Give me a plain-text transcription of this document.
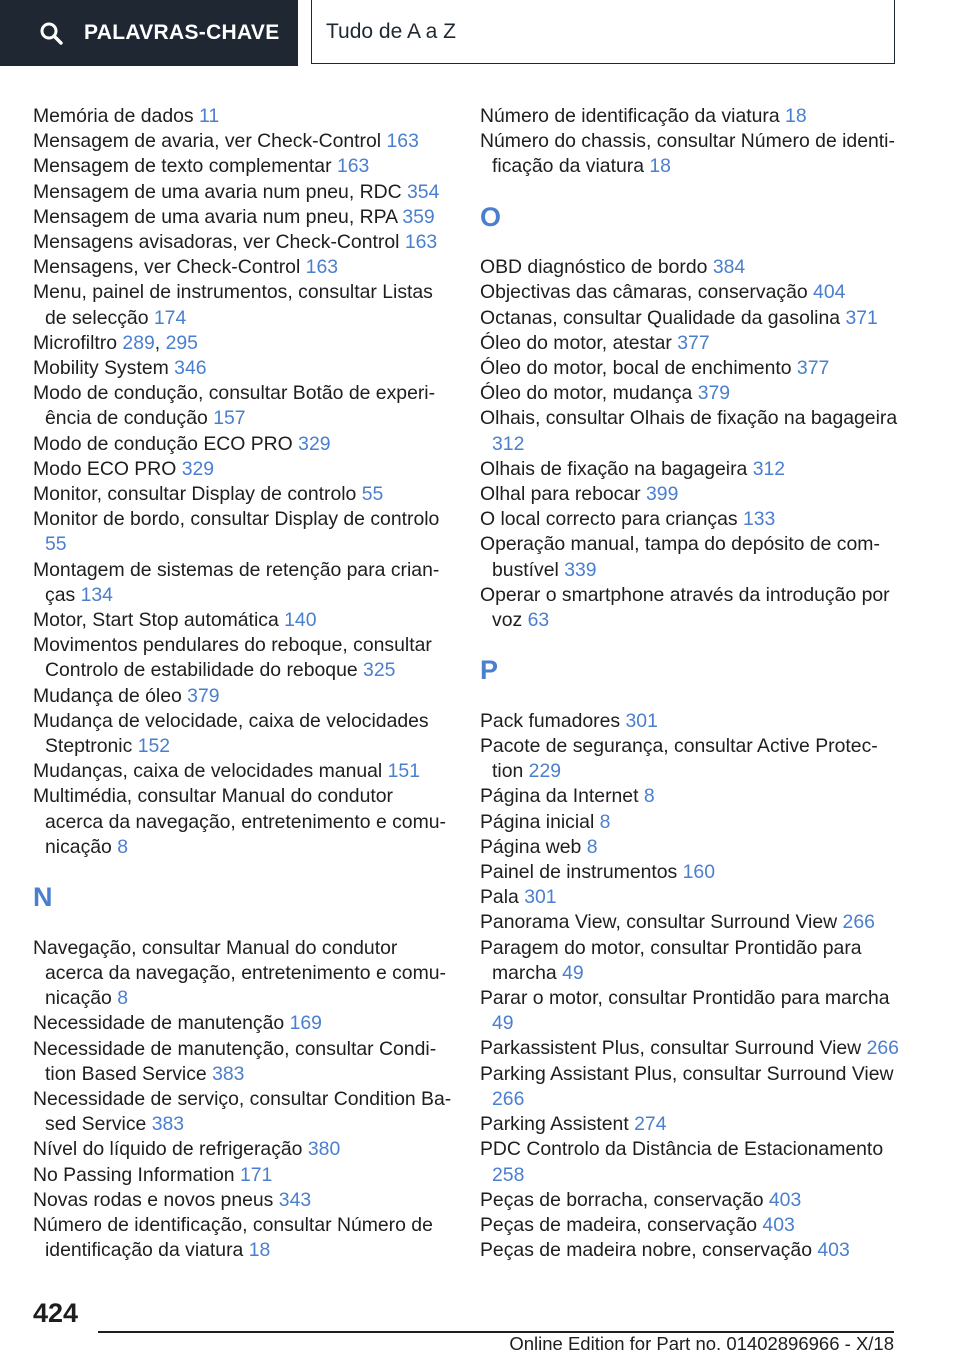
PALAVRAS-CHAVE Tudo de A a Z

Memória de dados 11

Mensagem de avaria, ver Check-Control 163

Mensagem de texto complementar 163

Mensagem de uma avaria num pneu, RDC 354

Mensagem de uma avaria num pneu, RPA 359

Mensagens avisadoras, ver Check-Control 163

Mensagens, ver Check-Control 163

Menu, painel de instrumentos, consultar Listas de selecção 174

Microfiltro 289, 295

Mobility System 346

Modo de condução, consultar Botão de experiência de condução 157

Modo de condução ECO PRO 329

Modo ECO PRO 329

Monitor, consultar Display de controlo 55

Monitor de bordo, consultar Display de controlo 55

Montagem de sistemas de retenção para crianças 134

Motor, Start Stop automática 140

Movimentos pendulares do reboque, consultar Controlo de estabilidade do reboque 325

Mudança de óleo 379

Mudança de velocidade, caixa de velocidades Steptronic 152

Mudanças, caixa de velocidades manual 151

Multimédia, consultar Manual do condutor acerca da navegação, entretenimento e comunicação 8

N

Navegação, consultar Manual do condutor acerca da navegação, entretenimento e comunicação 8

Necessidade de manutenção 169

Necessidade de manutenção, consultar Condition Based Service 383

Necessidade de serviço, consultar Condition Based Service 383

Nível do líquido de refrigeração 380

No Passing Information 171

Novas rodas e novos pneus 343

Número de identificação, consultar Número de identificação da viatura 18

Número de identificação da viatura 18

Número do chassis, consultar Número de identificação da viatura 18

O

OBD diagnóstico de bordo 384

Objectivas das câmaras, conservação 404

Octanas, consultar Qualidade da gasolina 371

Óleo do motor, atestar 377

Óleo do motor, bocal de enchimento 377

Óleo do motor, mudança 379

Olhais, consultar Olhais de fixação na bagageira 312

Olhais de fixação na bagageira 312

Olhal para rebocar 399

O local correcto para crianças 133

Operação manual, tampa do depósito de combustível 339

Operar o smartphone através da introdução por voz 63

P

Pack fumadores 301

Pacote de segurança, consultar Active Protection 229

Página da Internet 8

Página inicial 8

Página web 8

Painel de instrumentos 160

Pala 301

Panorama View, consultar Surround View 266

Paragem do motor, consultar Prontidão para marcha 49

Parar o motor, consultar Prontidão para marcha 49

Parkassistent Plus, consultar Surround View 266

Parking Assistant Plus, consultar Surround View 266

Parking Assistent 274

PDC Controlo da Distância de Estacionamento 258

Peças de borracha, conservação 403

Peças de madeira, conservação 403

Peças de madeira nobre, conservação 403

424
Online Edition for Part no. 01402896966 - X/18
